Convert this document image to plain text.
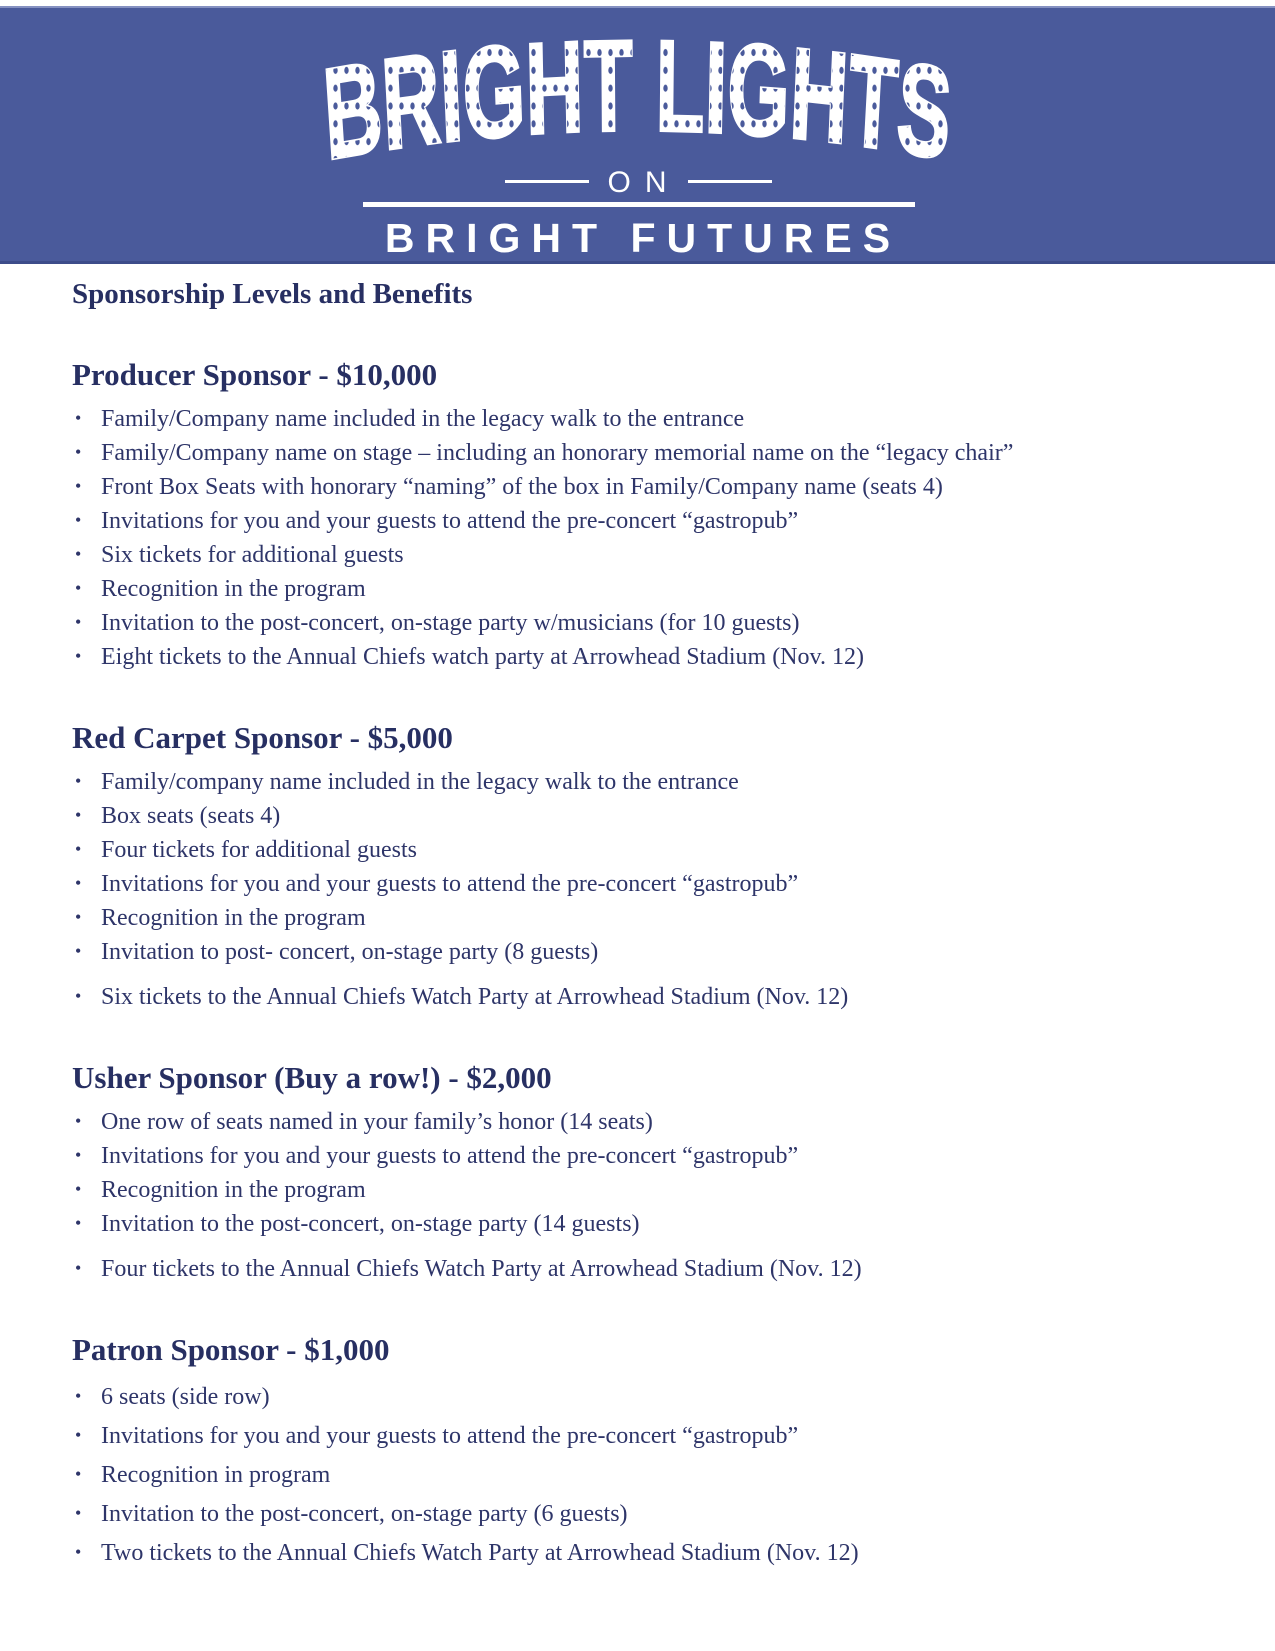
BRIGHT LIGHTS
ON
BRIGHT FUTURES
Sponsorship Levels and Benefits
Producer Sponsor - $10,000
• Family/Company name included in the legacy walk to the entrance
• Family/Company name on stage – including an honorary memorial name on the “legacy chair”
• Front Box Seats with honorary “naming” of the box in Family/Company name (seats 4)
• Invitations for you and your guests to attend the pre-concert “gastropub”
• Six tickets for additional guests
• Recognition in the program
• Invitation to the post-concert, on-stage party w/musicians (for 10 guests)
• Eight tickets to the Annual Chiefs watch party at Arrowhead Stadium (Nov. 12)
Red Carpet Sponsor - $5,000
• Family/company name included in the legacy walk to the entrance
• Box seats (seats 4)
• Four tickets for additional guests
• Invitations for you and your guests to attend the pre-concert “gastropub”
• Recognition in the program
• Invitation to post- concert, on-stage party (8 guests)
• Six tickets to the Annual Chiefs Watch Party at Arrowhead Stadium (Nov. 12)
Usher Sponsor (Buy a row!) - $2,000
• One row of seats named in your family’s honor (14 seats)
• Invitations for you and your guests to attend the pre-concert “gastropub”
• Recognition in the program
• Invitation to the post-concert, on-stage party (14 guests)
• Four tickets to the Annual Chiefs Watch Party at Arrowhead Stadium (Nov. 12)
Patron Sponsor - $1,000
• 6 seats (side row)
• Invitations for you and your guests to attend the pre-concert “gastropub”
• Recognition in program
• Invitation to the post-concert, on-stage party (6 guests)
• Two tickets to the Annual Chiefs Watch Party at Arrowhead Stadium (Nov. 12)
